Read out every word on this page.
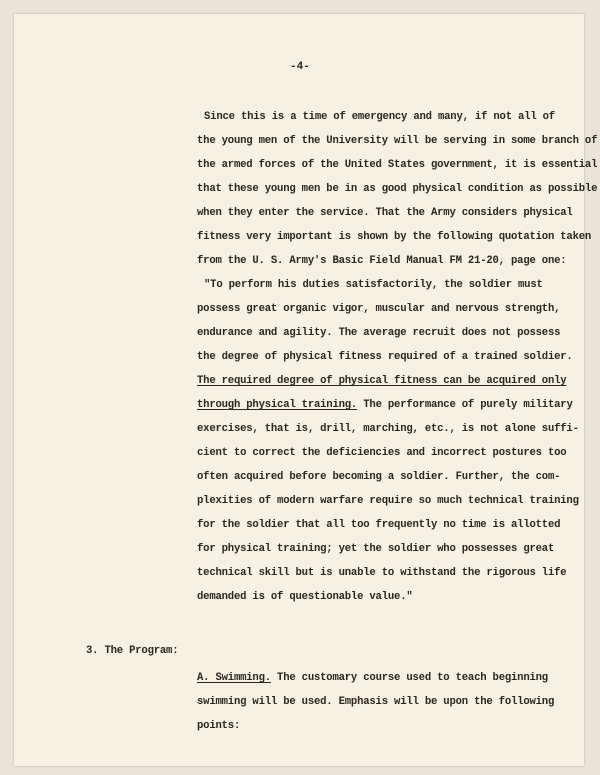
-4-
Since this is a time of emergency and many, if not all of
the young men of the University will be serving in some branch of
the armed forces of the United States government, it is essential
that these young men be in as good physical condition as possible
when they enter the service. That the Army considers physical
fitness very important is shown by the following quotation taken
from the U. S. Army's Basic Field Manual FM 21-20, page one:
"To perform his duties satisfactorily, the soldier must
possess great organic vigor, muscular and nervous strength,
endurance and agility. The average recruit does not possess
the degree of physical fitness required of a trained soldier.
The required degree of physical fitness can be acquired only
through physical training. The performance of purely military
exercises, that is, drill, marching, etc., is not alone suffi-
cient to correct the deficiencies and incorrect postures too
often acquired before becoming a soldier. Further, the com-
plexities of modern warfare require so much technical training
for the soldier that all too frequently no time is allotted
for physical training; yet the soldier who possesses great
technical skill but is unable to withstand the rigorous life
demanded is of questionable value."
3. The Program:
A. Swimming. The customary course used to teach beginning
swimming will be used. Emphasis will be upon the following
points:
